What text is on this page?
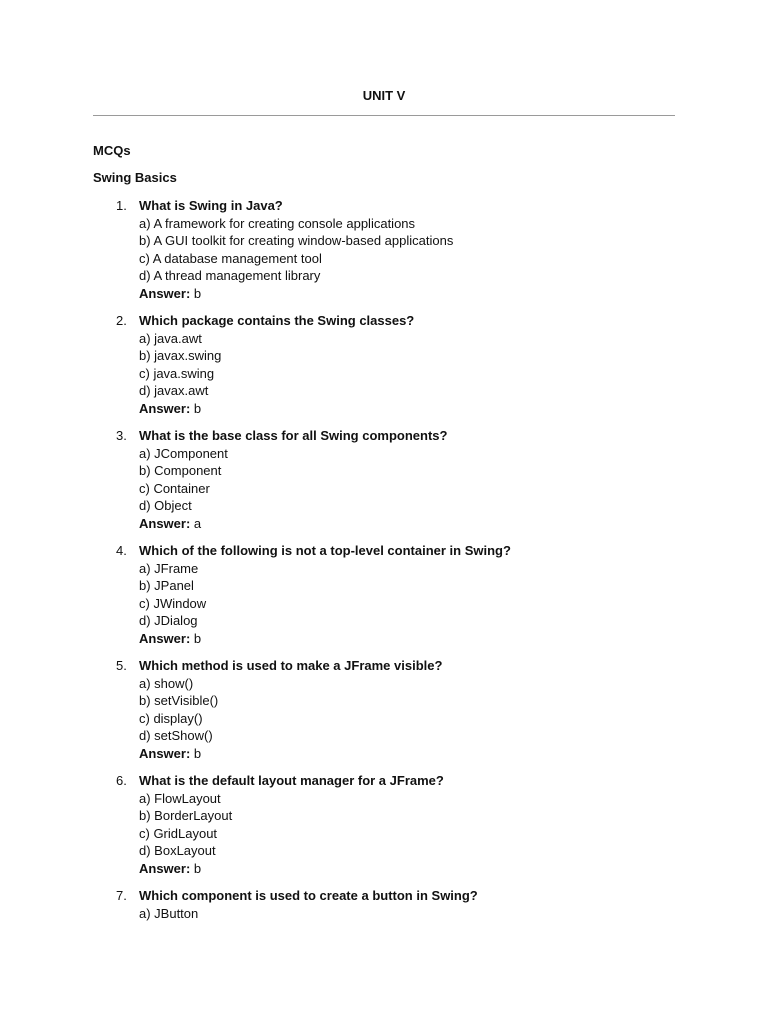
UNIT V
MCQs
Swing Basics
1. What is Swing in Java?
a) A framework for creating console applications
b) A GUI toolkit for creating window-based applications
c) A database management tool
d) A thread management library
Answer: b
2. Which package contains the Swing classes?
a) java.awt
b) javax.swing
c) java.swing
d) javax.awt
Answer: b
3. What is the base class for all Swing components?
a) JComponent
b) Component
c) Container
d) Object
Answer: a
4. Which of the following is not a top-level container in Swing?
a) JFrame
b) JPanel
c) JWindow
d) JDialog
Answer: b
5. Which method is used to make a JFrame visible?
a) show()
b) setVisible()
c) display()
d) setShow()
Answer: b
6. What is the default layout manager for a JFrame?
a) FlowLayout
b) BorderLayout
c) GridLayout
d) BoxLayout
Answer: b
7. Which component is used to create a button in Swing?
a) JButton
